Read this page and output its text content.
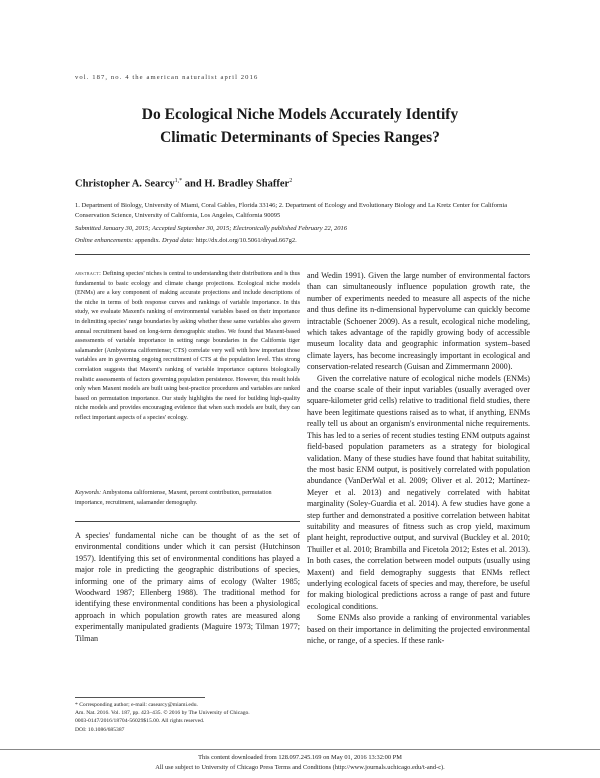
vol. 187, no. 4 the american naturalist april 2016
Do Ecological Niche Models Accurately Identify
Climatic Determinants of Species Ranges?
Christopher A. Searcy$^{1,*}$ and H. Bradley Shaffer$^2$
1. Department of Biology, University of Miami, Coral Gables, Florida 33146; 2. Department of Ecology and Evolutionary Biology and La Kretz Center for California Conservation Science, University of California, Los Angeles, California 90095
Submitted January 30, 2015; Accepted September 30, 2015; Electronically published February 22, 2016
Online enhancements: appendix. Dryad data: http://dx.doi.org/10.5061/dryad.667g2.
abstract: Defining species' niches is central to understanding their distributions and is thus fundamental to basic ecology and climate change projections. Ecological niche models (ENMs) are a key component of making accurate projections and include descriptions of the niche in terms of both response curves and rankings of variable importance. In this study, we evaluate Maxent's ranking of environmental variables based on their importance in delimiting species' range boundaries by asking whether these same variables also govern annual recruitment based on long-term demographic studies. We found that Maxent-based assessments of variable importance in setting range boundaries in the California tiger salamander (Ambystoma californiense; CTS) correlate very well with how important those variables are in governing ongoing recruitment of CTS at the population level. This strong correlation suggests that Maxent's ranking of variable importance captures biologically realistic assessments of factors governing population persistence. However, this result holds only when Maxent models are built using best-practice procedures and variables are ranked based on permutation importance. Our study highlights the need for building high-quality niche models and provides encouraging evidence that when such models are built, they can reflect important aspects of a species' ecology.
Keywords: Ambystoma californiense, Maxent, percent contribution, permutation importance, recruitment, salamander demography.
A species' fundamental niche can be thought of as the set of environmental conditions under which it can persist (Hutchinson 1957). Identifying this set of environmental conditions has played a major role in predicting the geographic distributions of species, informing one of the primary aims of ecology (Walter 1985; Woodward 1987; Ellenberg 1988). The traditional method for identifying these environmental conditions has been a physiological approach in which population growth rates are measured along experimentally manipulated gradients (Maguire 1973; Tilman 1977; Tilman
* Corresponding author; e-mail: casearcy@miami.edu.
Am. Nat. 2016. Vol. 187, pp. 423–435. © 2016 by The University of Chicago.
0003-0147/2016/18704-56029$15.00. All rights reserved.
DOI: 10.1086/685387

and Wedin 1991). Given the large number of environmental factors than can simultaneously influence population growth rate, the number of experiments needed to measure all aspects of the niche and thus define its n-dimensional hypervolume can quickly become intractable (Schoener 2009). As a result, ecological niche modeling, which takes advantage of the rapidly growing body of accessible museum locality data and geographic information system–based climate layers, has become increasingly important in ecological and conservation-related research (Guisan and Zimmermann 2000).

Given the correlative nature of ecological niche models (ENMs) and the coarse scale of their input variables (usually averaged over square-kilometer grid cells) relative to traditional field studies, there have been legitimate questions raised as to what, if anything, ENMs really tell us about an organism's environmental niche requirements. This has led to a series of recent studies testing ENM outputs against field-based population parameters as a strategy for biological validation. Many of these studies have found that habitat suitability, the most basic ENM output, is positively correlated with population abundance (VanDerWal et al. 2009; Oliver et al. 2012; Martínez-Meyer et al. 2013) and negatively correlated with habitat marginality (Soley-Guardia et al. 2014). A few studies have gone a step further and demonstrated a positive correlation between habitat suitability and measures of fitness such as crop yield, maximum plant height, reproductive output, and survival (Buckley et al. 2010; Thuiller et al. 2010; Brambilla and Ficetola 2012; Estes et al. 2013). In both cases, the correlation between model outputs (usually using Maxent) and field demography suggests that ENMs reflect underlying ecological facets of species and may, therefore, be useful for making biological predictions across a range of past and future ecological conditions.

Some ENMs also provide a ranking of environmental variables based on their importance in delimiting the projected environmental niche, or range, of a species. If these rank-

This content downloaded from 128.097.245.169 on May 01, 2016 13:32:00 PM
All use subject to University of Chicago Press Terms and Conditions (http://www.journals.uchicago.edu/t-and-c).
